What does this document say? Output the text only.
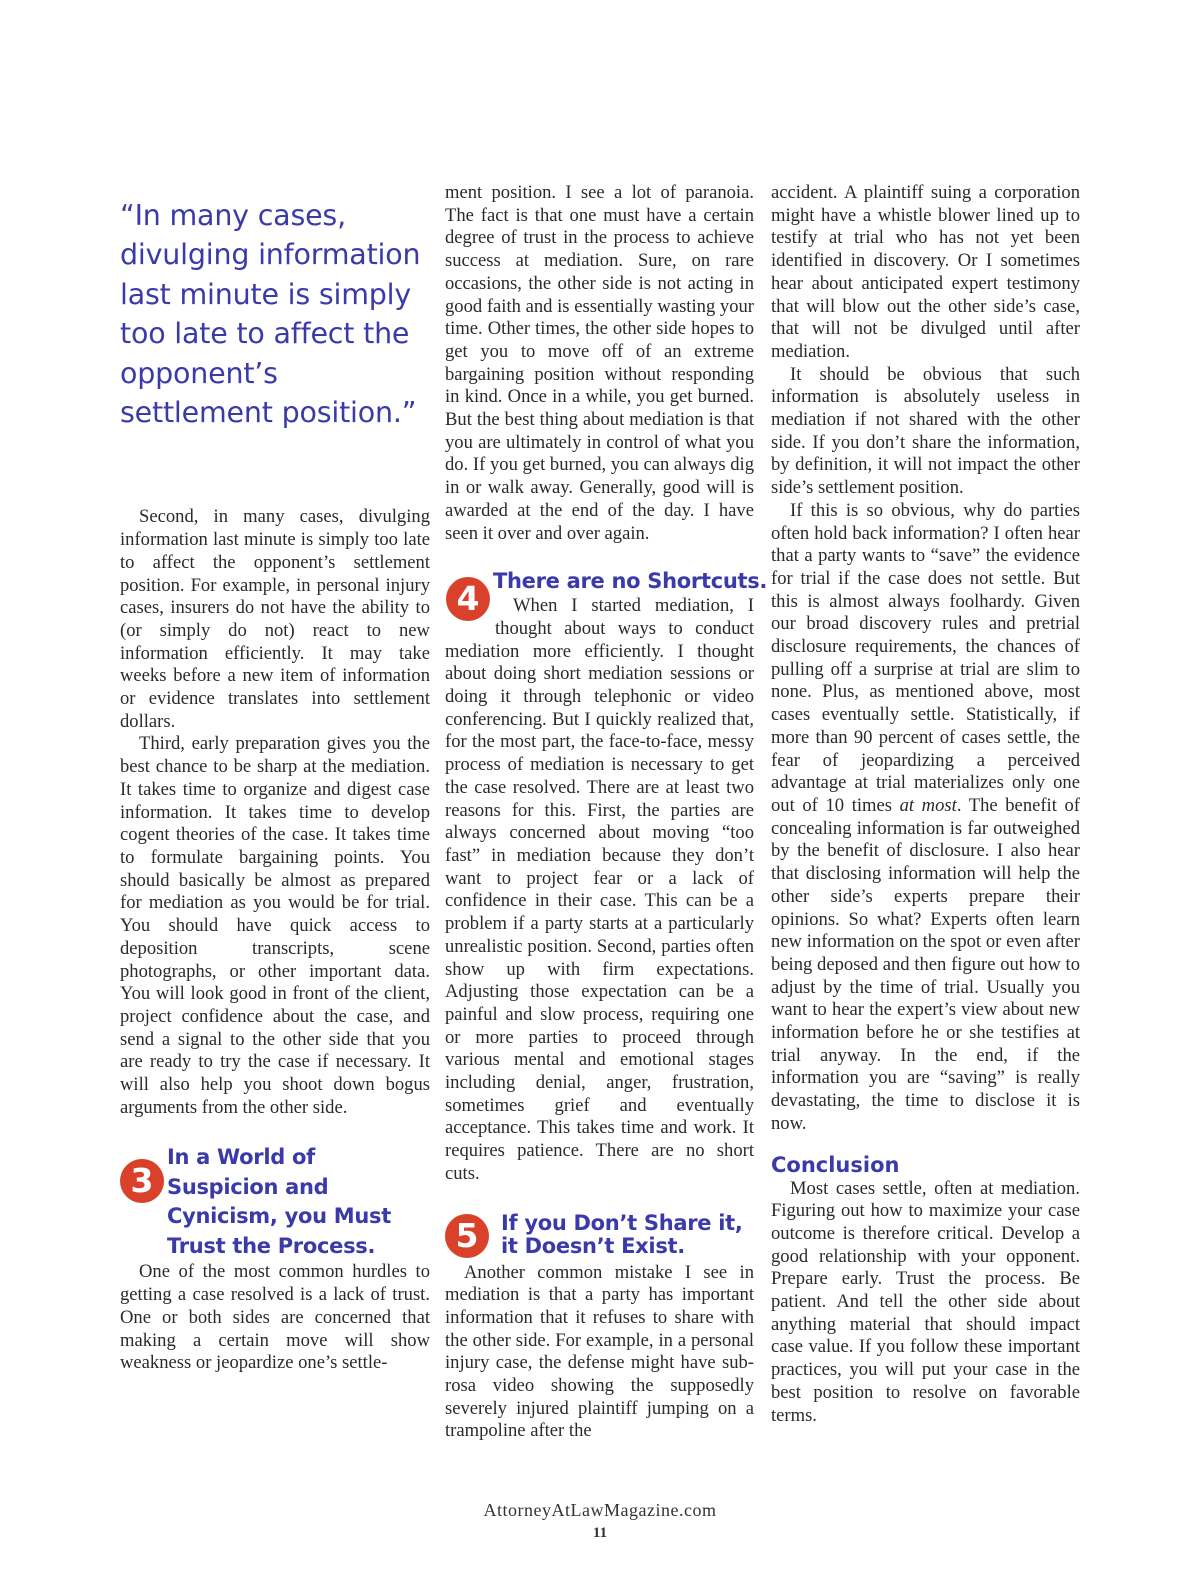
“In many cases, divulging information last minute is simply too late to affect the opponent’s settlement position.”

Second, in many cases, divulging information last minute is simply too late to affect the opponent’s settlement position. For example, in personal injury cases, insurers do not have the ability to (or simply do not) react to new information efficiently. It may take weeks before a new item of information or evidence translates into settlement dollars.

Third, early preparation gives you the best chance to be sharp at the mediation. It takes time to organize and digest case information. It takes time to develop cogent theories of the case. It takes time to formulate bargaining points. You should basically be almost as prepared for mediation as you would be for trial. You should have quick access to deposition transcripts, scene photographs, or other important data. You will look good in front of the client, project confidence about the case, and send a signal to the other side that you are ready to try the case if necessary. It will also help you shoot down bogus arguments from the other side.

3
In a World of Suspicion and Cynicism, you Must Trust the Process.

One of the most common hurdles to getting a case resolved is a lack of trust. One or both sides are concerned that making a certain move will show weakness or jeopardize one’s settle-

ment position. I see a lot of paranoia. The fact is that one must have a certain degree of trust in the process to achieve success at mediation. Sure, on rare occasions, the other side is not acting in good faith and is essentially wasting your time. Other times, the other side hopes to get you to move off of an extreme bargaining position without responding in kind. Once in a while, you get burned. But the best thing about mediation is that you are ultimately in control of what you do. If you get burned, you can always dig in or walk away. Generally, good will is awarded at the end of the day. I have seen it over and over again.

4 There are no Shortcuts.

When I started mediation, I thought about ways to conduct mediation more efficiently. I thought about doing short mediation sessions or doing it through telephonic or video conferencing. But I quickly realized that, for the most part, the face-to-face, messy process of mediation is necessary to get the case resolved. There are at least two reasons for this. First, the parties are always concerned about moving “too fast” in mediation because they don’t want to project fear or a lack of confidence in their case. This can be a problem if a party starts at a particularly unrealistic position. Second, parties often show up with firm expectations. Adjusting those expectation can be a painful and slow process, requiring one or more parties to proceed through various mental and emotional stages including denial, anger, frustration, sometimes grief and eventually acceptance. This takes time and work. It requires patience. There are no short cuts.

5	If you Don’t Share it, it Doesn’t Exist.

Another common mistake I see in mediation is that a party has important information that it refuses to share with the other side. For example, in a personal injury case, the defense might have sub-rosa video showing the supposedly severely injured plaintiff jumping on a trampoline after the

accident. A plaintiff suing a corporation might have a whistle blower lined up to testify at trial who has not yet been identified in discovery. Or I sometimes hear about anticipated expert testimony that will blow out the other side’s case, that will not be divulged until after mediation.

It should be obvious that such information is absolutely useless in mediation if not shared with the other side. If you don’t share the information, by definition, it will not impact the other side’s settlement position.

If this is so obvious, why do parties often hold back information? I often hear that a party wants to “save” the evidence for trial if the case does not settle. But this is almost always foolhardy. Given our broad discovery rules and pretrial disclosure requirements, the chances of pulling off a surprise at trial are slim to none. Plus, as mentioned above, most cases eventually settle. Statistically, if more than 90 percent of cases settle, the fear of jeopardizing a perceived advantage at trial materializes only one out of 10 times at most. The benefit of concealing information is far outweighed by the benefit of disclosure. I also hear that disclosing information will help the other side’s experts prepare their opinions. So what? Experts often learn new information on the spot or even after being deposed and then figure out how to adjust by the time of trial. Usually you want to hear the expert’s view about new information before he or she testifies at trial anyway. In the end, if the information you are “saving” is really devastating, the time to disclose it is now.

Conclusion

Most cases settle, often at mediation. Figuring out how to maximize your case outcome is therefore critical. Develop a good relationship with your opponent. Prepare early. Trust the process. Be patient. And tell the other side about anything material that should impact case value. If you follow these important practices, you will put your case in the best position to resolve on favorable terms.

AttorneyAtLawMagazine.com
11
